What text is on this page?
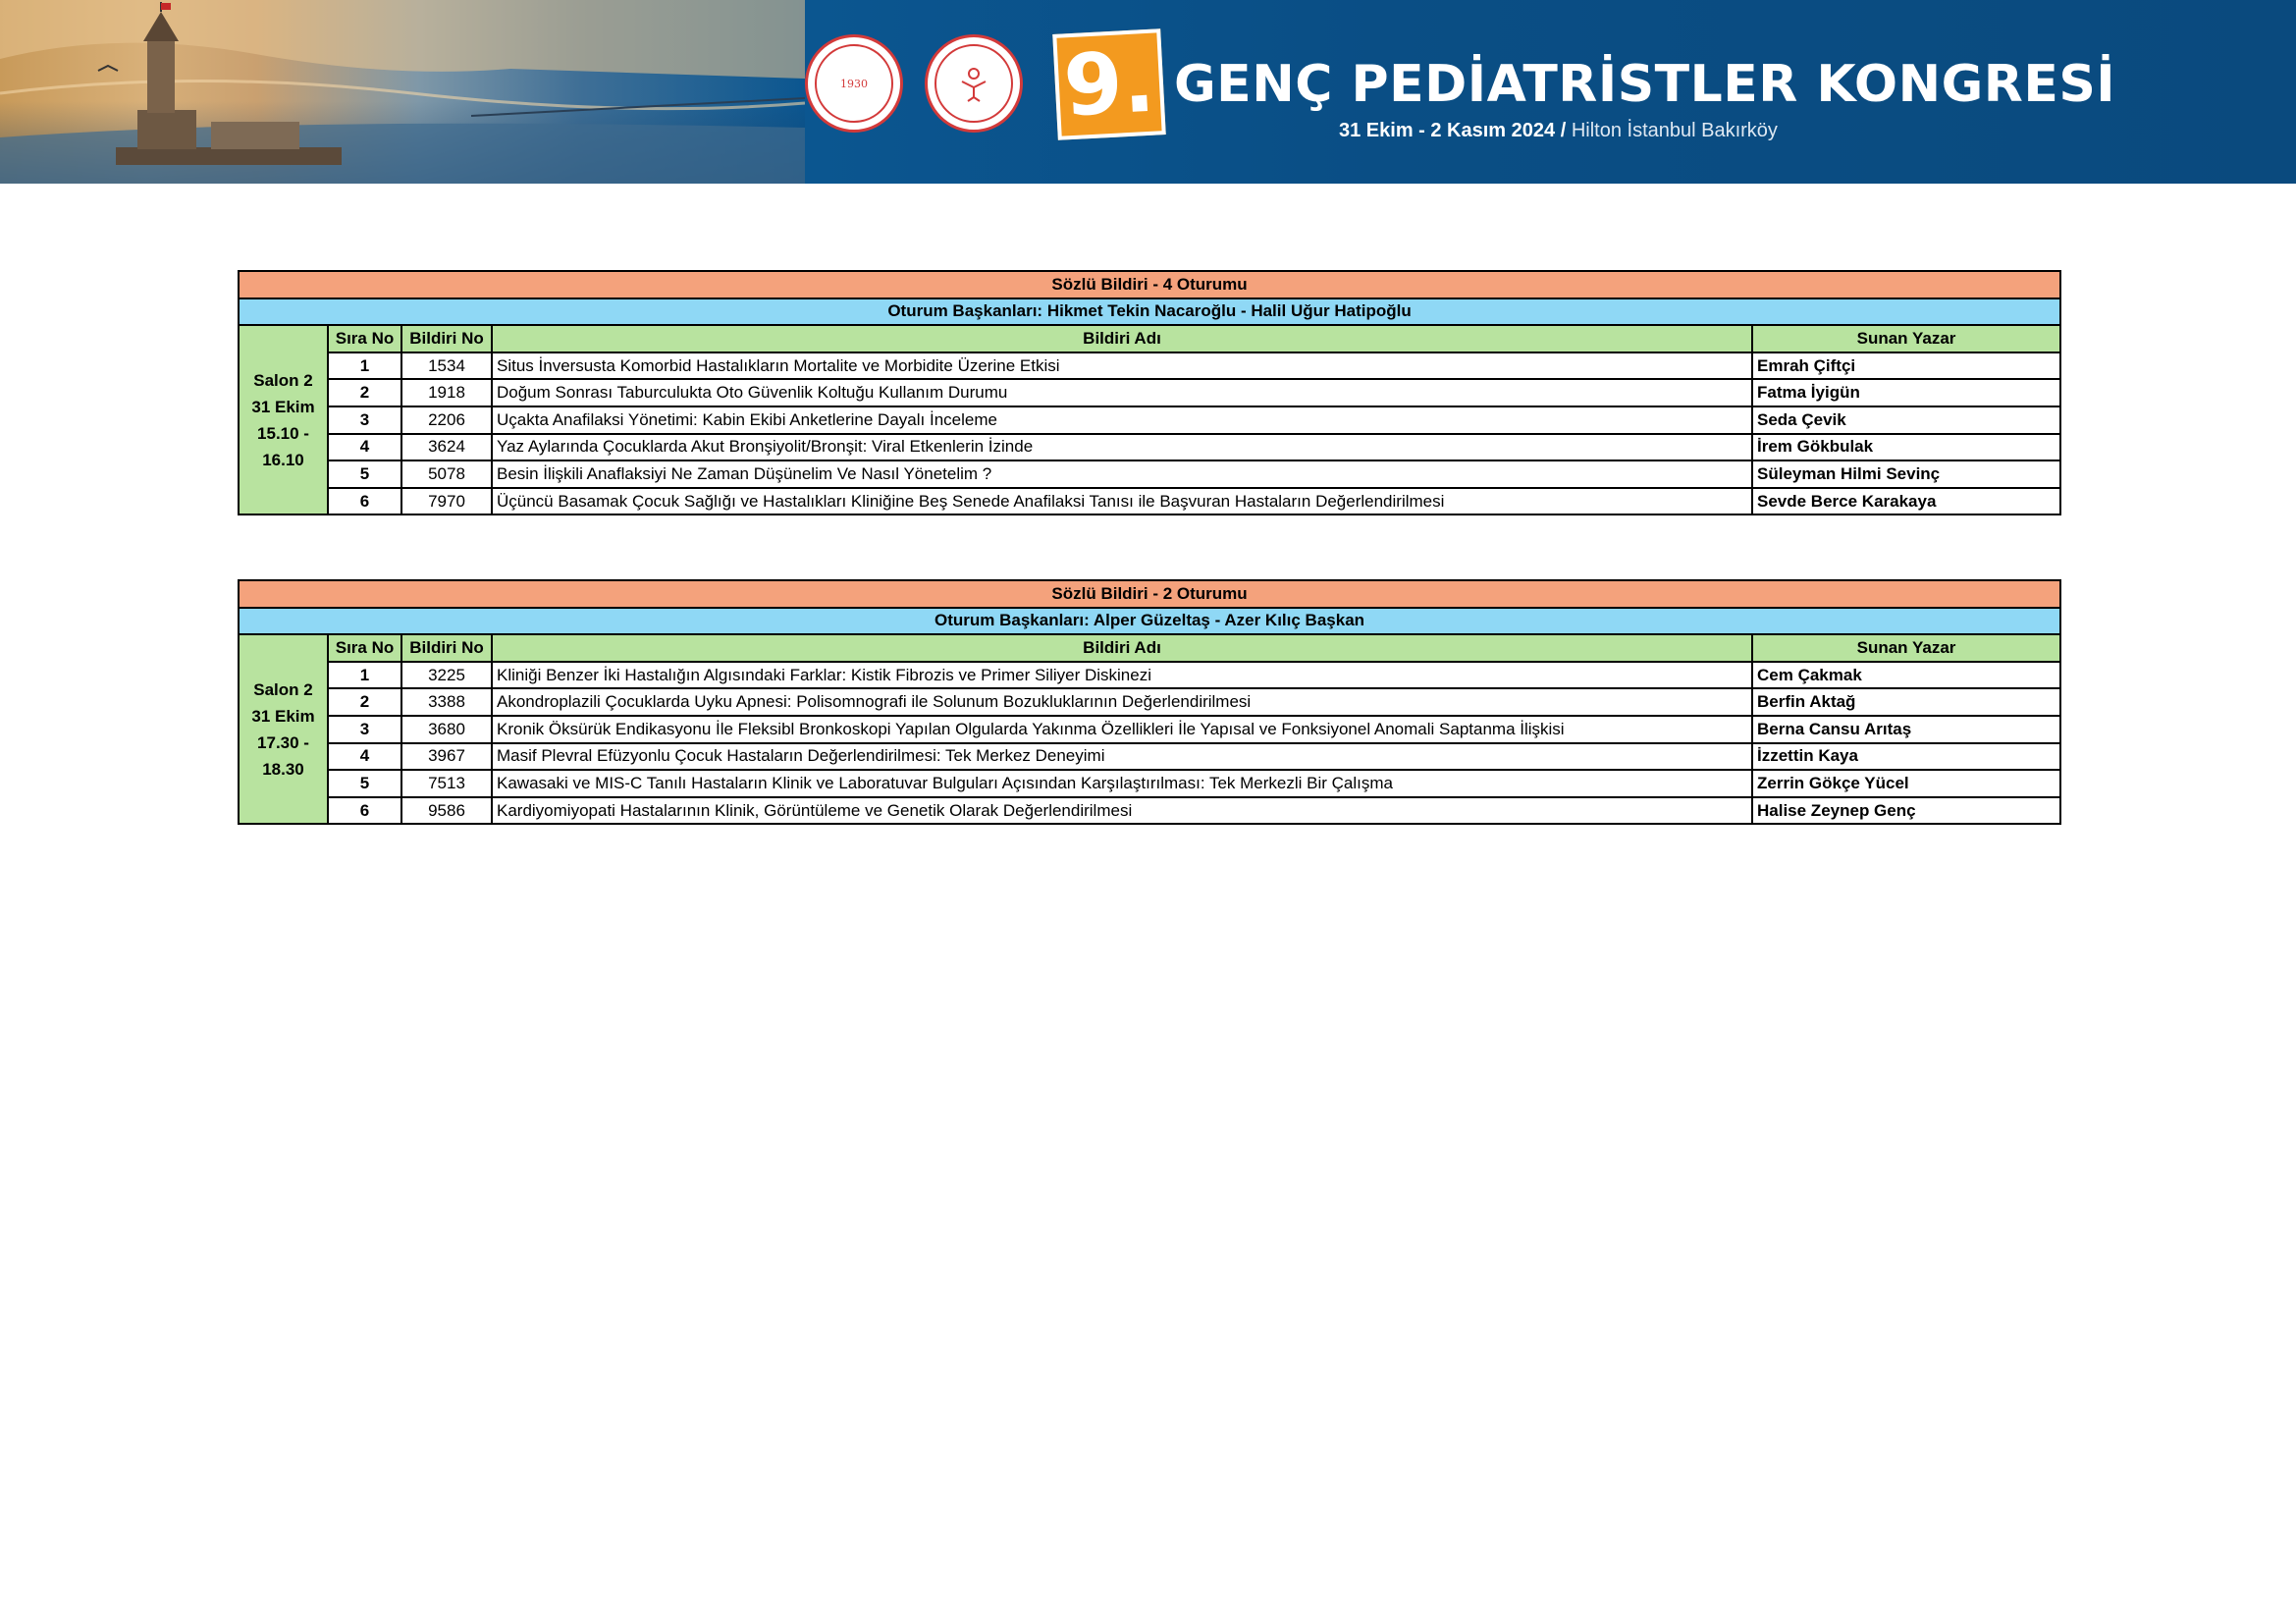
1930 9. GENÇ PEDİATRİSTLER KONGRESİ
31 Ekim - 2 Kasım 2024 / Hilton İstanbul Bakırköy
Sözlü Bildiri - 4 Oturumu				
Oturum Başkanları: Hikmet Tekin Nacaroğlu - Halil Uğur Hatipoğlu				

Salon 2
31 Ekim
15.10 -
16.10	Sıra No	Bildiri No	Bildiri Adı	Sunan Yazar
	1	1534	Situs İnversusta Komorbid Hastalıkların Mortalite ve Morbidite Üzerine Etkisi	Emrah Çiftçi
	2	1918	Doğum Sonrası Taburculukta Oto Güvenlik Koltuğu Kullanım Durumu	Fatma İyigün
	3	2206	Uçakta Anafilaksi Yönetimi: Kabin Ekibi Anketlerine Dayalı İnceleme	Seda Çevik
	4	3624	Yaz Aylarında Çocuklarda Akut Bronşiyolit/Bronşit: Viral Etkenlerin İzinde	İrem Gökbulak
	5	5078	Besin İlişkili Anaflaksiyi Ne Zaman Düşünelim Ve Nasıl Yönetelim ?	Süleyman Hilmi Sevinç
	6	7970	Üçüncü Basamak Çocuk Sağlığı ve Hastalıkları Kliniğine Beş Senede Anafilaksi Tanısı ile Başvuran Hastaların Değerlendirilmesi	Sevde Berce Karakaya
Sözlü Bildiri - 2 Oturumu				
Oturum Başkanları: Alper Güzeltaş - Azer Kılıç Başkan				

Salon 2
31 Ekim
17.30 -
18.30	Sıra No	Bildiri No	Bildiri Adı	Sunan Yazar
	1	3225	Kliniği Benzer İki Hastalığın Algısındaki Farklar: Kistik Fibrozis ve Primer Siliyer Diskinezi	Cem Çakmak
	2	3388	Akondroplazili Çocuklarda Uyku Apnesi: Polisomnografi ile Solunum Bozukluklarının Değerlendirilmesi	Berfin Aktağ
	3	3680	Kronik Öksürük Endikasyonu İle Fleksibl Bronkoskopi Yapılan Olgularda Yakınma Özellikleri İle Yapısal ve Fonksiyonel Anomali Saptanma İlişkisi	Berna Cansu Arıtaş
	4	3967	Masif Plevral Efüzyonlu Çocuk Hastaların Değerlendirilmesi: Tek Merkez Deneyimi	İzzettin Kaya
	5	7513	Kawasaki ve MIS-C Tanılı Hastaların Klinik ve Laboratuvar Bulguları Açısından Karşılaştırılması: Tek Merkezli Bir Çalışma	Zerrin Gökçe Yücel
	6	9586	Kardiyomiyopati Hastalarının Klinik, Görüntüleme ve Genetik Olarak Değerlendirilmesi	Halise Zeynep Genç
